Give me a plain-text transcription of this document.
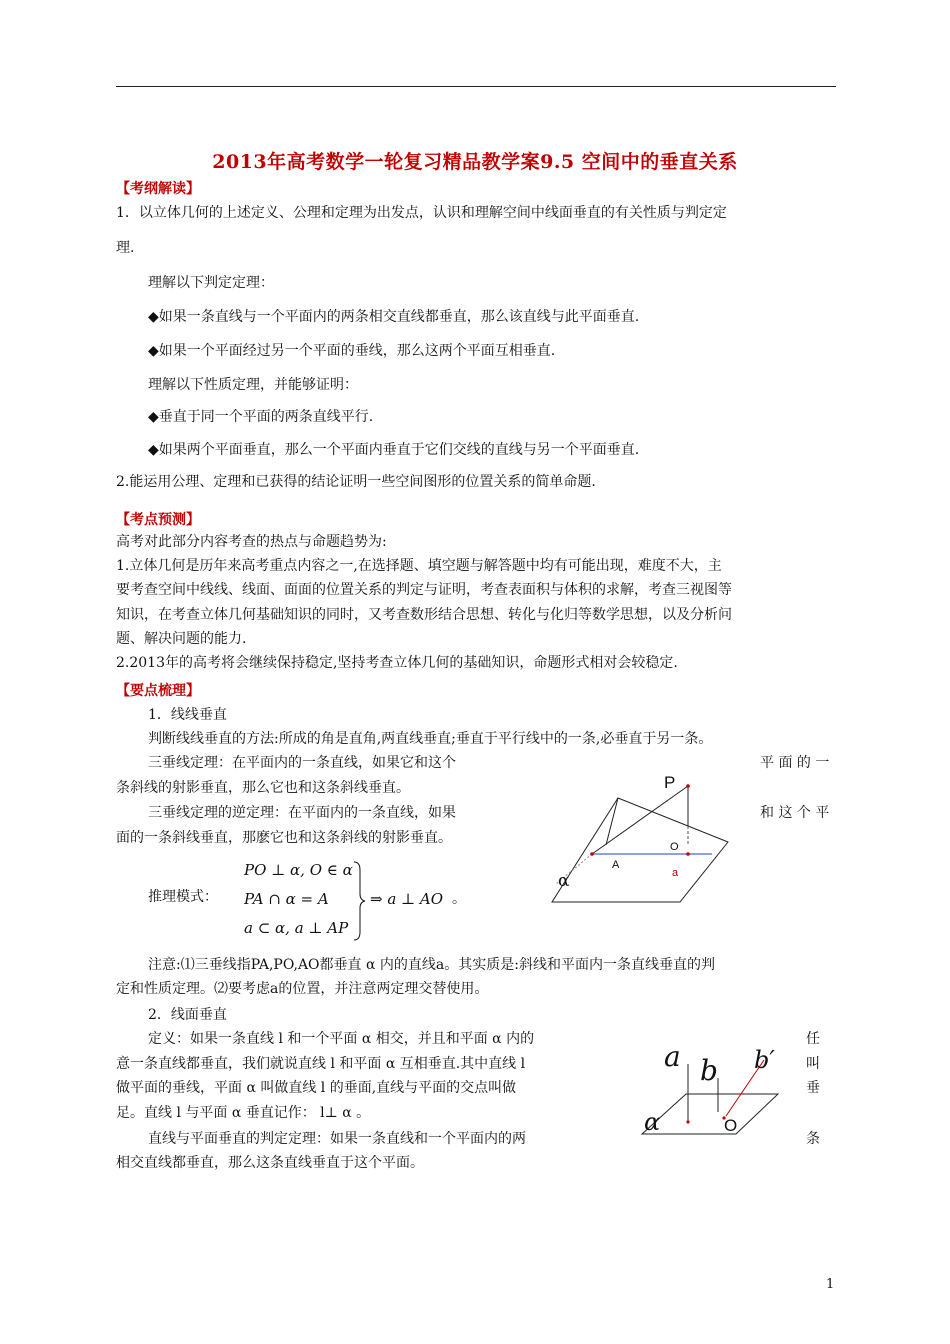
2013年高考数学一轮复习精品教学案9.5 空间中的垂直关系
【考纲解读】
1．以立体几何的上述定义、公理和定理为出发点，认识和理解空间中线面垂直的有关性质与判定定
理.
理解以下判定定理：
◆如果一条直线与一个平面内的两条相交直线都垂直，那么该直线与此平面垂直.
◆如果一个平面经过另一个平面的垂线，那么这两个平面互相垂直.
理解以下性质定理，并能够证明：
◆垂直于同一个平面的两条直线平行.
◆如果两个平面垂直，那么一个平面内垂直于它们交线的直线与另一个平面垂直.
2.能运用公理、定理和已获得的结论证明一些空间图形的位置关系的简单命题.
【考点预测】
高考对此部分内容考查的热点与命题趋势为:
1.立体几何是历年来高考重点内容之一,在选择题、填空题与解答题中均有可能出现，难度不大，主
要考查空间中线线、线面、面面的位置关系的判定与证明，考查表面积与体积的求解，考查三视图等
知识，在考查立体几何基础知识的同时，又考查数形结合思想、转化与化归等数学思想，以及分析问
题、解决问题的能力.
2.2013年的高考将会继续保持稳定,坚持考查立体几何的基础知识，命题形式相对会较稳定.
【要点梳理】
1．线线垂直
判断线线垂直的方法:所成的角是直角,两直线垂直;垂直于平行线中的一条,必垂直于另一条。
三垂线定理：在平面内的一条直线，如果它和这个	平 面 的 一
条斜线的射影垂直，那么它也和这条斜线垂直。
三垂线定理的逆定理：在平面内的一条直线，如果	和 这 个 平
面的一条斜线垂直，那麽它也和这条斜线的射影垂直。
推理模式：
PO ⊥ α, O ∈ α
PA ∩ α = A
a ⊂ α, a ⊥ AP
⇒ a ⊥ AO 。
P
O
A
a
α
注意:⑴三垂线指PA,PO,AO都垂直 α 内的直线a。其实质是:斜线和平面内一条直线垂直的判
定和性质定理。⑵要考虑a的位置，并注意两定理交替使用。
2．线面垂直
定义：如果一条直线 l 和一个平面 α 相交，并且和平面 α 内的	任
意一条直线都垂直，我们就说直线 l 和平面 α 互相垂直.其中直线 l	叫
做平面的垂线，平面 α 叫做直线 l 的垂面,直线与平面的交点叫做	垂
足。直线 l 与平面 α 垂直记作： l⊥ α 。
直线与平面垂直的判定定理：如果一条直线和一个平面内的两	条
相交直线都垂直，那么这条直线垂直于这个平面。
a b b′
α	O
1
